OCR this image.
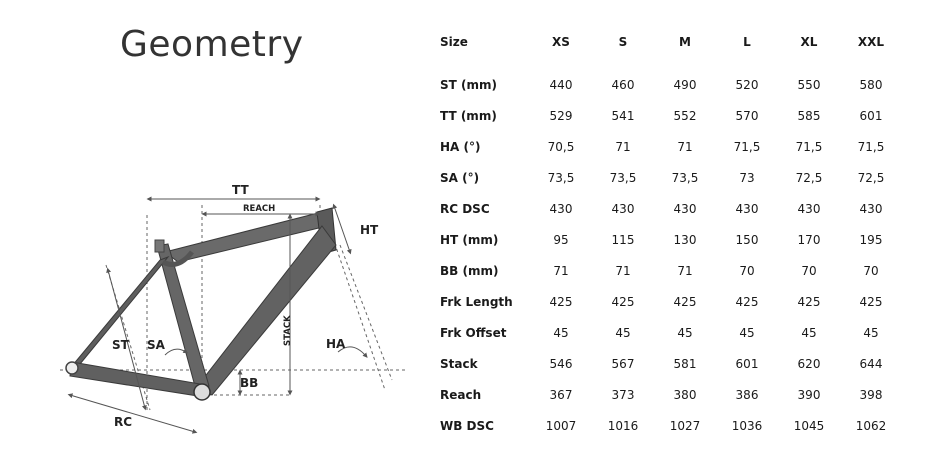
Geometry
TT
REACH
HT
ST SA	STACK	HA
BB
RC
Size	XS	S	M	L	XL	XXL

ST (mm)	440	460	490	520	550	580
TT (mm)	529	541	552	570	585	601
HA (°)	70,5	71	71	71,5	71,5	71,5
SA (°)	73,5	73,5	73,5	73	72,5	72,5
RC DSC	430	430	430	430	430	430
HT (mm)	95	115	130	150	170	195
BB (mm)	71	71	71	70	70	70
Frk Length	425	425	425	425	425	425
Frk Offset	45	45	45	45	45	45
Stack	546	567	581	601	620	644
Reach	367	373	380	386	390	398
WB DSC	1007	1016	1027	1036	1045	1062
